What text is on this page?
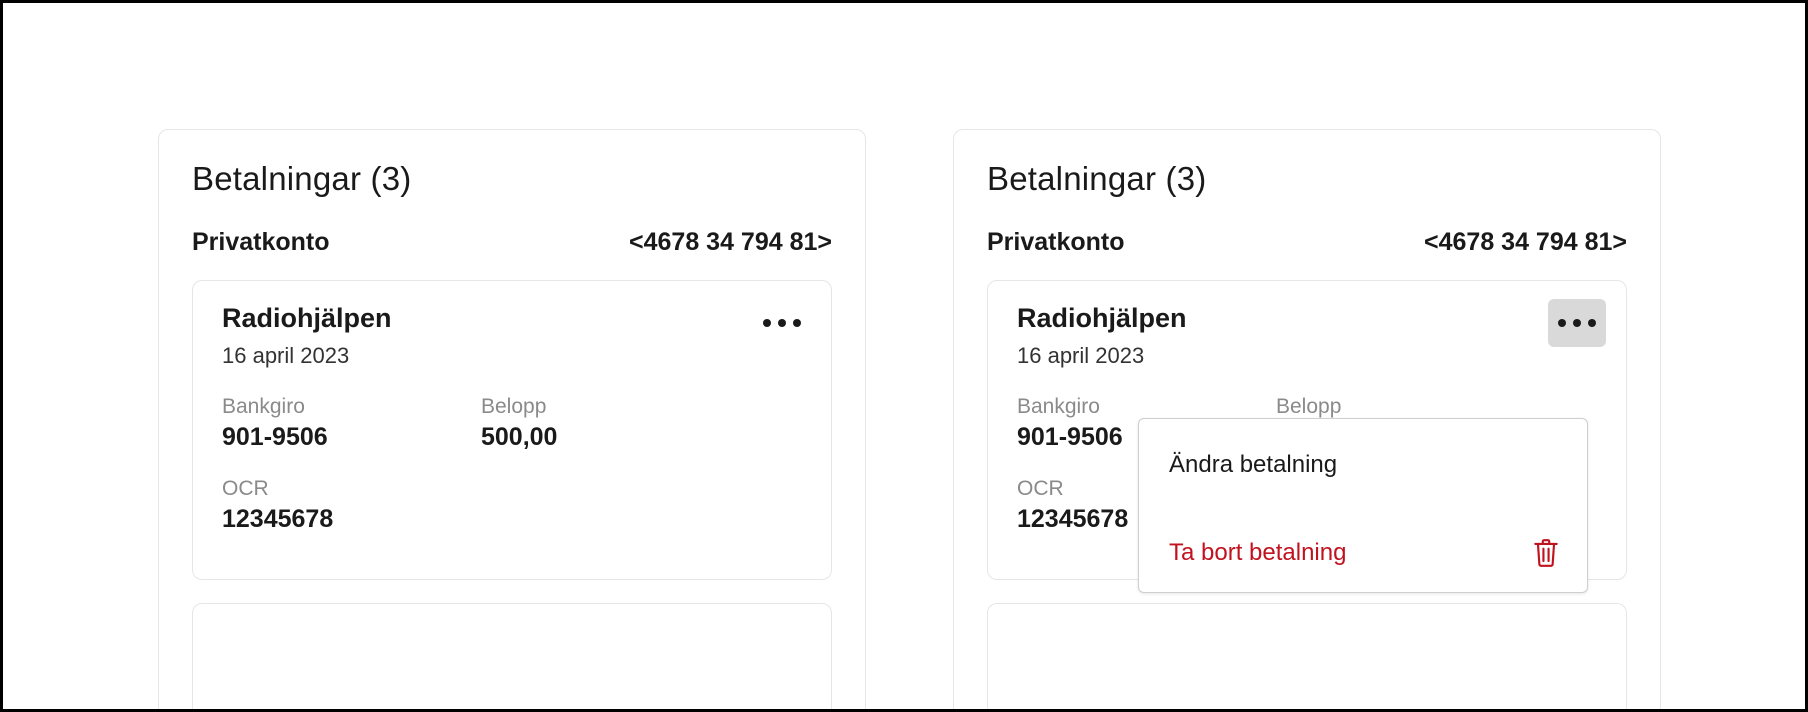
Betalningar (3)
Privatkonto	<4678 34 794 81>
Radiohjälpen
16 april 2023
Bankgiro
901-9506
Belopp
500,00
OCR
12345678
Betalningar (3)
Privatkonto	<4678 34 794 81>
Radiohjälpen
16 april 2023
Bankgiro
901-9506
Belopp
OCR
12345678
Ändra betalning
Ta bort betalning
